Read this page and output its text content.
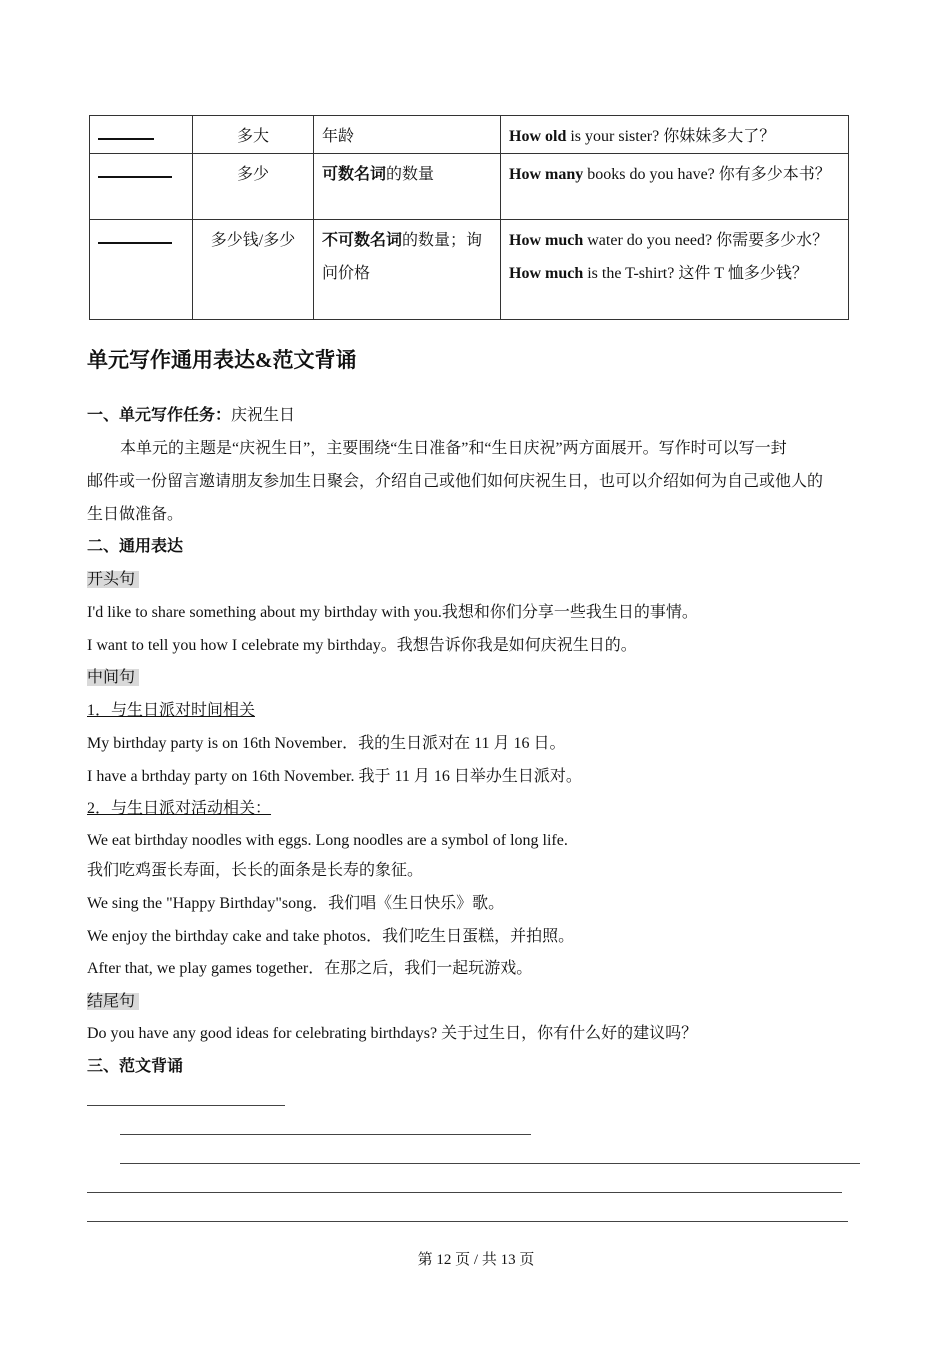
	多大	年龄	How old is your sister? 你妹妹多大了？

	多少	可数名词的数量	How many books do you have? 你有多少本书？

	多少钱/多少	不可数名词的数量；询问价格	How much water do you need? 你需要多少水？
How much is the T-shirt? 这件 T 恤多少钱？
单元写作通用表达&范文背诵
一、单元写作任务：庆祝生日
本单元的主题是“庆祝生日”，主要围绕“生日准备”和“生日庆祝”两方面展开。写作时可以写一封
邮件或一份留言邀请朋友参加生日聚会，介绍自己或他们如何庆祝生日，也可以介绍如何为自己或他人的
生日做准备。
二、通用表达
开头句
I'd like to share something about my birthday with you.我想和你们分享一些我生日的事情。
I want to tell you how I celebrate my birthday。我想告诉你我是如何庆祝生日的。
中间句
1．与生日派对时间相关
My birthday party is on 16th November．我的生日派对在 11 月 16 日。
I have a brthday party on 16th November. 我于 11 月 16 日举办生日派对。
2．与生日派对活动相关：
We eat birthday noodles with eggs. Long noodles are a symbol of long life.
我们吃鸡蛋长寿面，长长的面条是长寿的象征。
We sing the "Happy Birthday"song．我们唱《生日快乐》歌。
We enjoy the birthday cake and take photos．我们吃生日蛋糕，并拍照。
After that, we play games together．在那之后，我们一起玩游戏。
结尾句
Do you have any good ideas for celebrating birthdays? 关于过生日，你有什么好的建议吗？
三、范文背诵
第 12 页 / 共 13 页
